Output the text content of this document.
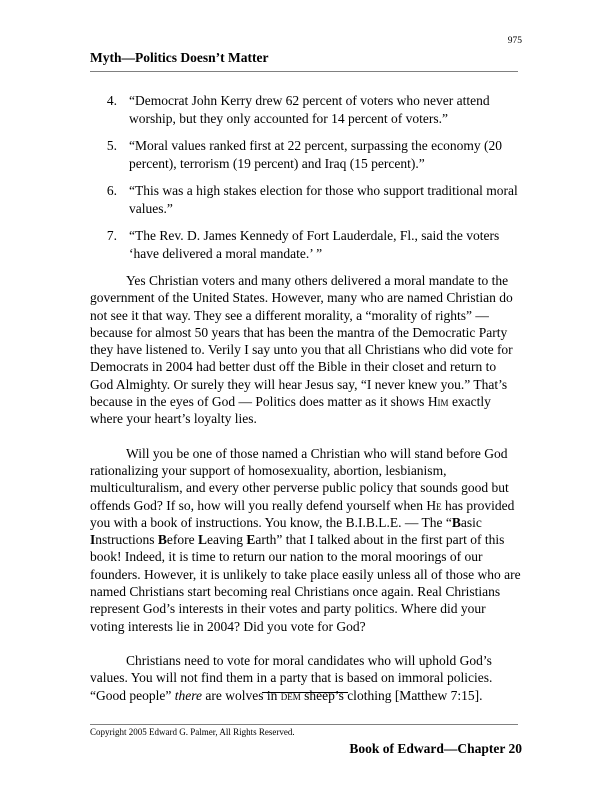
975
Myth—Politics Doesn’t Matter
4. “Democrat John Kerry drew 62 percent of voters who never attend worship, but they only accounted for 14 percent of voters.”
5. “Moral values ranked first at 22 percent, surpassing the economy (20 percent), terrorism (19 percent) and Iraq (15 percent).”
6. “This was a high stakes election for those who support traditional moral values.”
7. “The Rev. D. James Kennedy of Fort Lauderdale, Fl., said the voters ‘have delivered a moral mandate.’ ”

Yes Christian voters and many others delivered a moral mandate to the government of the United States. However, many who are named Christian do not see it that way. They see a different morality, a “morality of rights” — because for almost 50 years that has been the mantra of the Democratic Party they have listened to. Verily I say unto you that all Christians who did vote for Democrats in 2004 had better dust off the Bible in their closet and return to God Almighty. Or surely they will hear Jesus say, “I never knew you.” That’s because in the eyes of God — Politics does matter as it shows Him exactly where your heart’s loyalty lies.

Will you be one of those named a Christian who will stand before God rationalizing your support of homosexuality, abortion, lesbianism, multiculturalism, and every other perverse public policy that sounds good but offends God? If so, how will you really defend yourself when He has provided you with a book of instructions. You know, the B.I.B.L.E. — The “Basic Instructions Before Leaving Earth” that I talked about in the first part of this book! Indeed, it is time to return our nation to the moral moorings of our founders. However, it is unlikely to take place easily unless all of those who are named Christians start becoming real Christians once again. Real Christians represent God’s interests in their votes and party politics. Where did your voting interests lie in 2004? Did you vote for God?

Christians need to vote for moral candidates who will uphold God’s values. You will not find them in a party that is based on immoral policies. “Good people” there are wolves in dem sheep’s clothing [Matthew 7:15].

Copyright 2005 Edward G. Palmer, All Rights Reserved.
Book of Edward—Chapter 20
